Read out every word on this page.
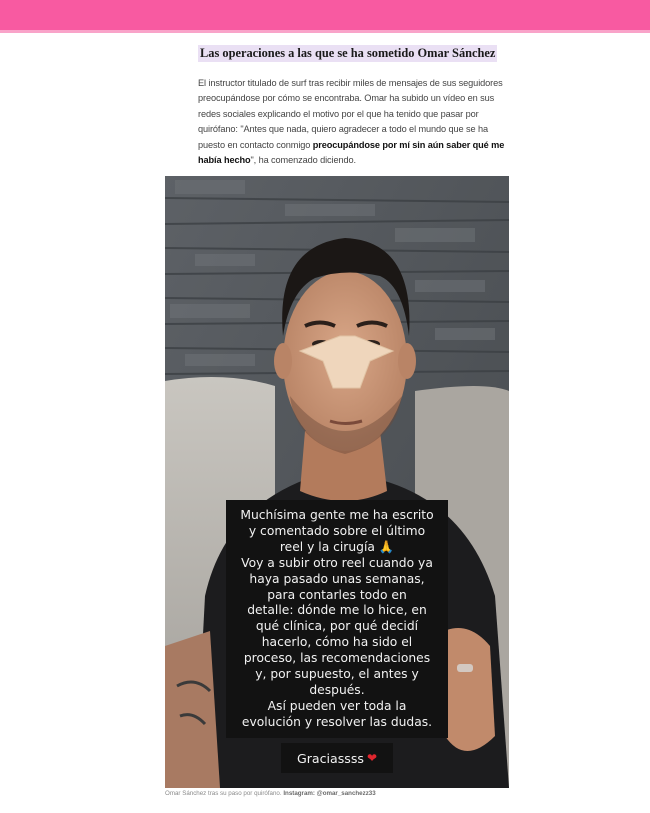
Las operaciones a las que se ha sometido Omar Sánchez

El instructor titulado de surf tras recibir miles de mensajes de sus seguidores preocupándose por cómo se encontraba. Omar ha subido un vídeo en sus redes sociales explicando el motivo por el que ha tenido que pasar por quirófano: "Antes que nada, quiero agradecer a todo el mundo que se ha puesto en contacto conmigo preocupándose por mí sin aún saber qué me había hecho", ha comenzado diciendo.

Muchísima gente me ha escrito
y comentado sobre el último
reel y la cirugía 🙏
Voy a subir otro reel cuando ya
haya pasado unas semanas,
para contarles todo en
detalle: dónde me lo hice, en
qué clínica, por qué decidí
hacerlo, cómo ha sido el
proceso, las recomendaciones
y, por supuesto, el antes y
después.
Así pueden ver toda la
evolución y resolver las dudas.
Graciassss ❤
Omar Sánchez tras su paso por quirófano. Instagram: @omar_sanchezz33
